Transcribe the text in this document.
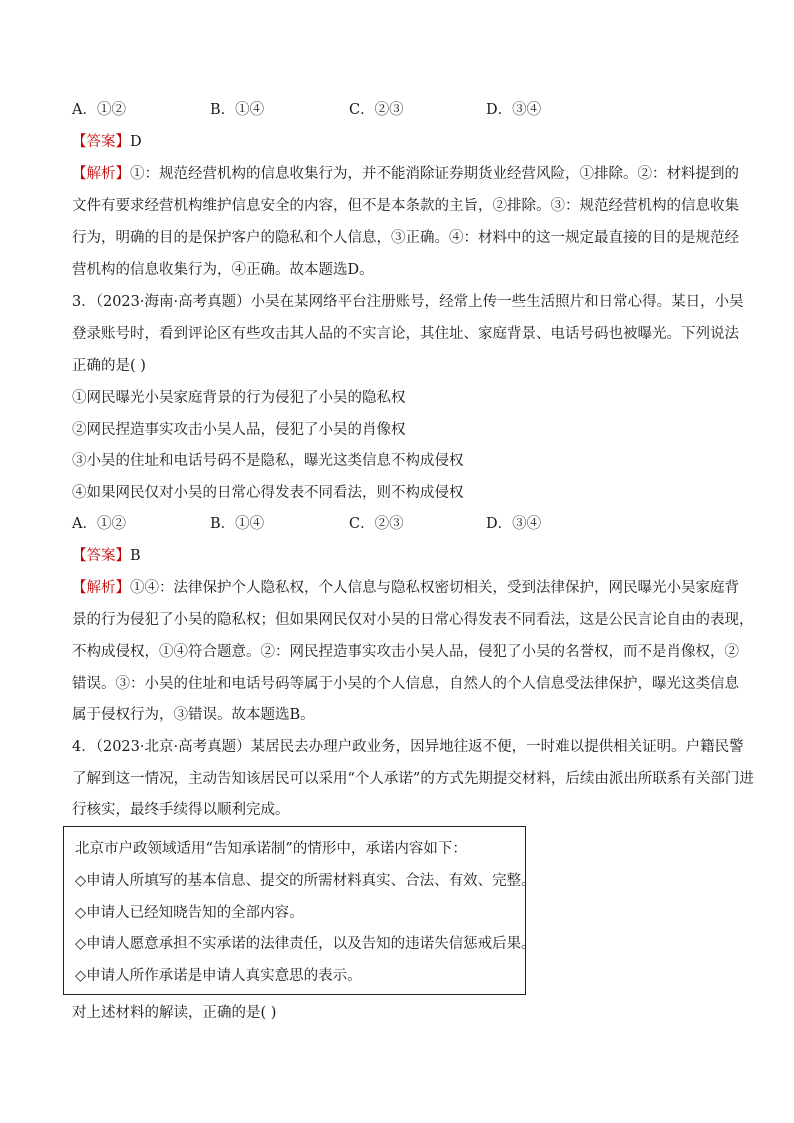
A．①②	B．①④	C．②③	D．③④
【答案】D
【解析】①：规范经营机构的信息收集行为，并不能消除证券期货业经营风险，①排除。②：材料提到的
文件有要求经营机构维护信息安全的内容，但不是本条款的主旨，②排除。③：规范经营机构的信息收集
行为，明确的目的是保护客户的隐私和个人信息，③正确。④：材料中的这一规定最直接的目的是规范经
营机构的信息收集行为，④正确。故本题选D。
3．（2023·海南·高考真题）小吴在某网络平台注册账号，经常上传一些生活照片和日常心得。某日，小吴
登录账号时，看到评论区有些攻击其人品的不实言论，其住址、家庭背景、电话号码也被曝光。下列说法
正确的是( )
①网民曝光小吴家庭背景的行为侵犯了小吴的隐私权
②网民捏造事实攻击小吴人品，侵犯了小吴的肖像权
③小吴的住址和电话号码不是隐私，曝光这类信息不构成侵权
④如果网民仅对小吴的日常心得发表不同看法，则不构成侵权
A．①②	B．①④	C．②③	D．③④
【答案】B
【解析】①④：法律保护个人隐私权，个人信息与隐私权密切相关，受到法律保护，网民曝光小吴家庭背
景的行为侵犯了小吴的隐私权；但如果网民仅对小吴的日常心得发表不同看法，这是公民言论自由的表现，
不构成侵权，①④符合题意。②：网民捏造事实攻击小吴人品，侵犯了小吴的名誉权，而不是肖像权，②
错误。③：小吴的住址和电话号码等属于小吴的个人信息，自然人的个人信息受法律保护，曝光这类信息
属于侵权行为，③错误。故本题选B。
4．（2023·北京·高考真题）某居民去办理户政业务，因异地往返不便，一时难以提供相关证明。户籍民警
了解到这一情况，主动告知该居民可以采用“个人承诺”的方式先期提交材料，后续由派出所联系有关部门进
行核实，最终手续得以顺利完成。
北京市户政领域适用“告知承诺制”的情形中，承诺内容如下：
◇申请人所填写的基本信息、提交的所需材料真实、合法、有效、完整。
◇申请人已经知晓告知的全部内容。
◇申请人愿意承担不实承诺的法律责任，以及告知的违诺失信惩戒后果。
◇申请人所作承诺是申请人真实意思的表示。
对上述材料的解读，正确的是( )
